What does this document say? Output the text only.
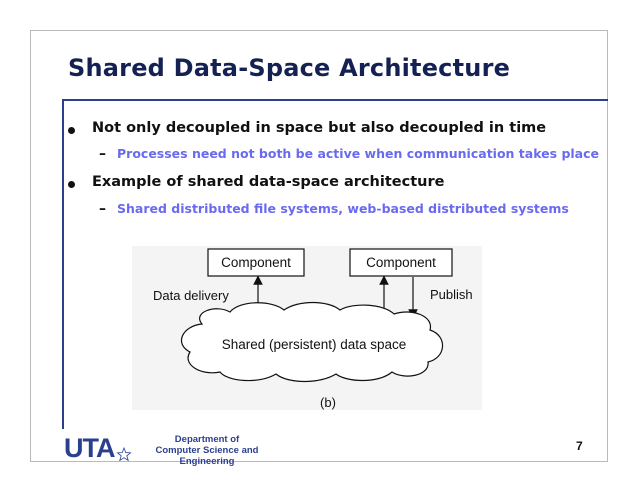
Shared Data-Space Architecture
Not only decoupled in space but also decoupled in time
– Processes need not both be active when communication takes place
Example of shared data-space architecture
– Shared distributed file systems, web-based distributed systems
Component	Component
Data delivery	Publish
Shared (persistent) data space
(b)
UTA	Department of
Computer Science and Engineering
7
